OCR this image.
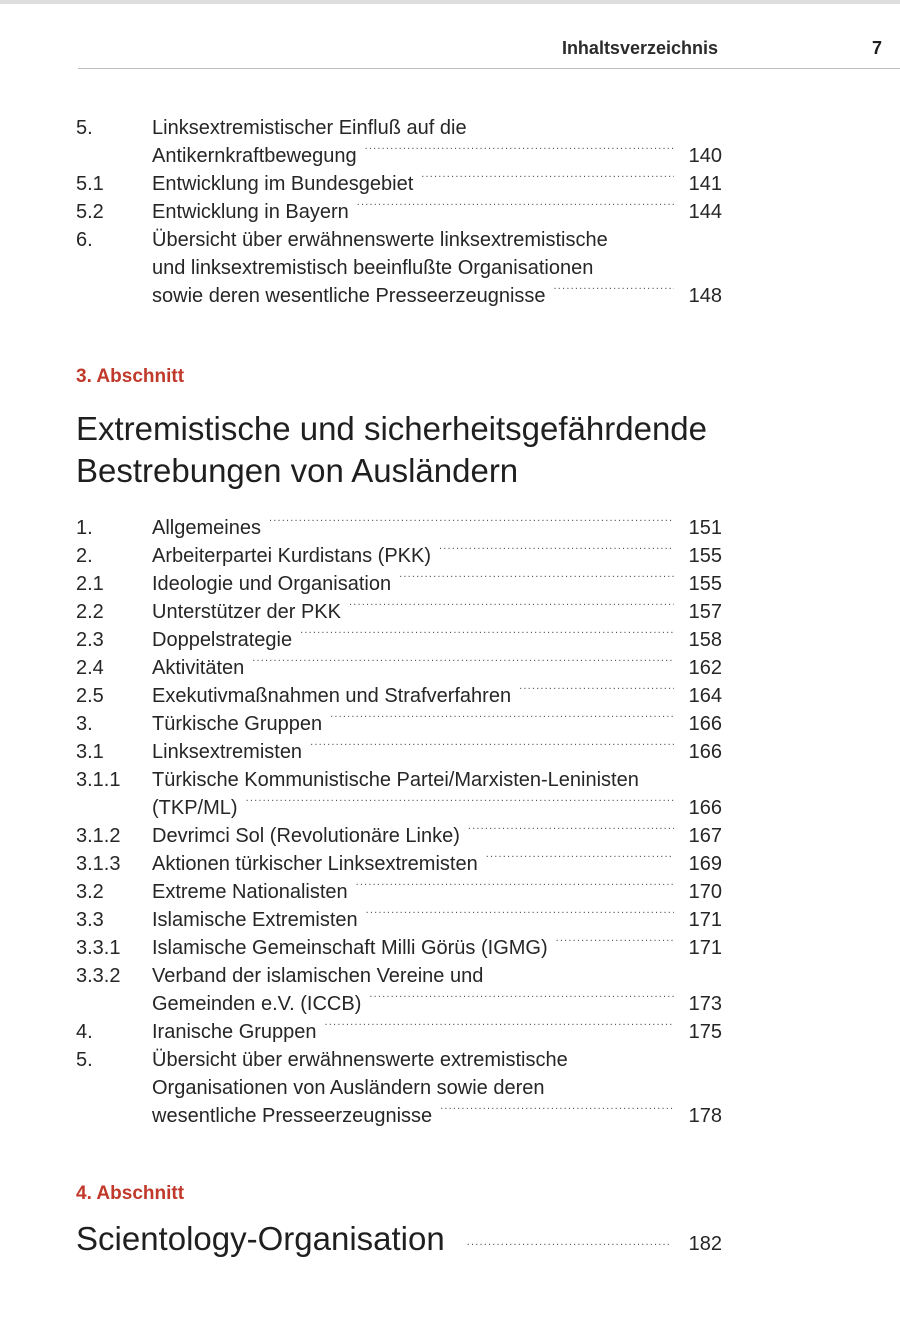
Inhaltsverzeichnis	7
5.	Linksextremistischer Einfluß auf die
Antikernkraftbewegung .....	140
5.1	Entwicklung im Bundesgebiet .....	141
5.2	Entwicklung in Bayern .....	144
6.	Übersicht über erwähnenswerte linksextremistische
und linksextremistisch beeinflußte Organisationen
sowie deren wesentliche Presseerzeugnisse .....	148
3. Abschnitt
Extremistische und sicherheitsgefährdende
Bestrebungen von Ausländern
1.	Allgemeines .....	151
2.	Arbeiterpartei Kurdistans (PKK) .....	155
2.1	Ideologie und Organisation .....	155
2.2	Unterstützer der PKK .....	157
2.3	Doppelstrategie .....	158
2.4	Aktivitäten .....	162
2.5	Exekutivmaßnahmen und Strafverfahren .....	164
3.	Türkische Gruppen .....	166
3.1	Linksextremisten .....	166
3.1.1	Türkische Kommunistische Partei/Marxisten-Leninisten
(TKP/ML) .....	166
3.1.2	Devrimci Sol (Revolutionäre Linke) .....	167
3.1.3	Aktionen türkischer Linksextremisten .....	169
3.2	Extreme Nationalisten .....	170
3.3	Islamische Extremisten .....	171
3.3.1	Islamische Gemeinschaft Milli Görüs (IGMG) .....	171
3.3.2	Verband der islamischen Vereine und
Gemeinden e.V. (ICCB) .....	173
4.	Iranische Gruppen .....	175
5.	Übersicht über erwähnenswerte extremistische
Organisationen von Ausländern sowie deren
wesentliche Presseerzeugnisse .....	178
4. Abschnitt
Scientology-Organisation .....	182
